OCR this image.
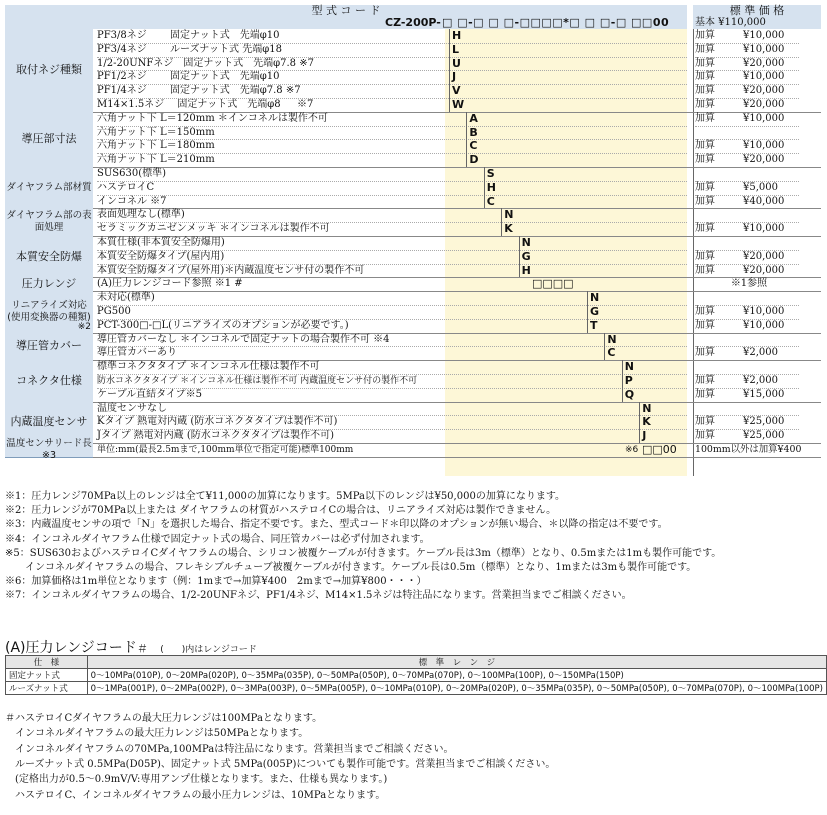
型 式 コ ー ド	標 準 価 格
CZ-200P- □ □-□ □ □-□□□□*□ □ □-□ □□00	基本 ¥110,000
取付ネジ種類
PF3/8ネジ 　　固定ナット式　先端φ10	H	加算	¥10,000
PF3/4ネジ 　　ルーズナット式 先端φ18	L	加算	¥10,000
1/2-20UNFネジ　固定ナット式　先端φ7.8 ※7	U	加算	¥20,000
PF1/2ネジ 　　固定ナット式　先端φ10	J	加算	¥10,000
PF1/4ネジ 　　固定ナット式　先端φ7.8 ※7	V	加算	¥20,000
M14×1.5ネジ 　固定ナット式　先端φ8 　 ※7	W	加算	¥20,000
導圧部寸法
六角ナット下 L＝120mm ＊インコネルは製作不可	A	加算	¥10,000
六角ナット下 L＝150mm	B
六角ナット下 L＝180mm	C	加算	¥10,000
六角ナット下 L＝210mm	D	加算	¥20,000
ダイヤフラム部材質
SUS630(標準)	S
ハステロイC	H	加算	¥5,000
インコネル ※7	C	加算	¥40,000
ダイヤフラム部の表面処理
表面処理なし(標準)	N
セラミックカニゼンメッキ ＊インコネルは製作不可	K	加算	¥10,000
本質安全防爆
本質仕様(非本質安全防爆用)	N
本質安全防爆タイプ(屋内用)	G	加算	¥20,000
本質安全防爆タイプ(屋外用)＊内蔵温度センサ付の製作不可	H	加算	¥20,000
圧力レンジ (A)圧力レンジコード参照 ※1 #	□□□□	※1参照
リニアライズ対応(使用変換器の種類)
※2
未対応(標準)	N
PG500	G	加算	¥10,000
PCT-300□-□L(リニアライズのオプションが必要です。)	T	加算	¥10,000
導圧管カバー
導圧管カバーなし ＊インコネルで固定ナットの場合製作不可 ※4	N
導圧管カバーあり	C	加算	¥2,000
コネクタ仕様
標準コネクタタイプ ＊インコネル仕様は製作不可	N
防水コネクタタイプ ＊インコネル仕様は製作不可 内蔵温度センサ付の製作不可	P	加算	¥2,000
ケーブル直結タイプ※5	Q	加算	¥15,000
内蔵温度センサ
温度センサなし	N
Kタイプ 熱電対内蔵 (防水コネクタタイプは製作不可)	K	加算	¥25,000
Jタイプ 熱電対内蔵 (防水コネクタタイプは製作不可)	J	加算	¥25,000
温度センサリード長※3	単位:mm(最長2.5mまで,100mm単位で指定可能)標準100mm	□□00
※6	100mm以外は加算¥400
※1：圧力レンジ70MPa以上のレンジは全て¥11,000の加算になります。5MPa以下のレンジは¥50,000の加算になります。
※2：圧力レンジが70MPa以上または ダイヤフラムの材質がハステロイCの場合は、リニアライズ対応は製作できません。
※3：内蔵温度センサの項で「N」を選択した場合、指定不要です。また、型式コード＊印以降のオプションが無い場合、＊以降の指定は不要です。
※4：インコネルダイヤフラム仕様で固定ナット式の場合、同圧管カバーは必ず付加されます。
※5：SUS630およびハステロイCダイヤフラムの場合、シリコン被覆ケーブルが付きます。ケーブル長は3m（標準）となり、0.5mまたは1mも製作可能です。
　　インコネルダイヤフラムの場合、フレキシブルチューブ被覆ケーブルが付きます。ケーブル長は0.5m（標準）となり、1mまたは3mも製作可能です。
※6：加算価格は1m単位となります（例：1mまで→加算¥400　2mまで→加算¥800・・・）
※7：インコネルダイヤフラムの場合、1/2-20UNFネジ、PF1/4ネジ、M14×1.5ネジは特注品になります。営業担当までご相談ください。
(A)圧力レンジコード＃ (　　)内はレンジコード
仕　様	標　準　レ　ン　ジ
固定ナット式	0～10MPa(010P), 0～20MPa(020P), 0～35MPa(035P), 0～50MPa(050P), 0～70MPa(070P), 0～100MPa(100P), 0～150MPa(150P)
ルーズナット式	0～1MPa(001P), 0～2MPa(002P), 0～3MPa(003P), 0～5MPa(005P), 0～10MPa(010P), 0～20MPa(020P), 0～35MPa(035P), 0～50MPa(050P), 0～70MPa(070P), 0～100MPa(100P)
＃ハステロイCダイヤフラムの最大圧力レンジは100MPaとなります。
　インコネルダイヤフラムの最大圧力レンジは50MPaとなります。
　インコネルダイヤフラムの70MPa,100MPaは特注品になります。営業担当までご相談ください。
　ルーズナット式 0.5MPa(D05P)、固定ナット式 5MPa(005P)についても製作可能です。営業担当までご相談ください。
　(定格出力が0.5～0.9mV/V:専用アンプ仕様となります。また、仕様も異なります。)
　ハステロイC、インコネルダイヤフラムの最小圧力レンジは、10MPaとなります。
